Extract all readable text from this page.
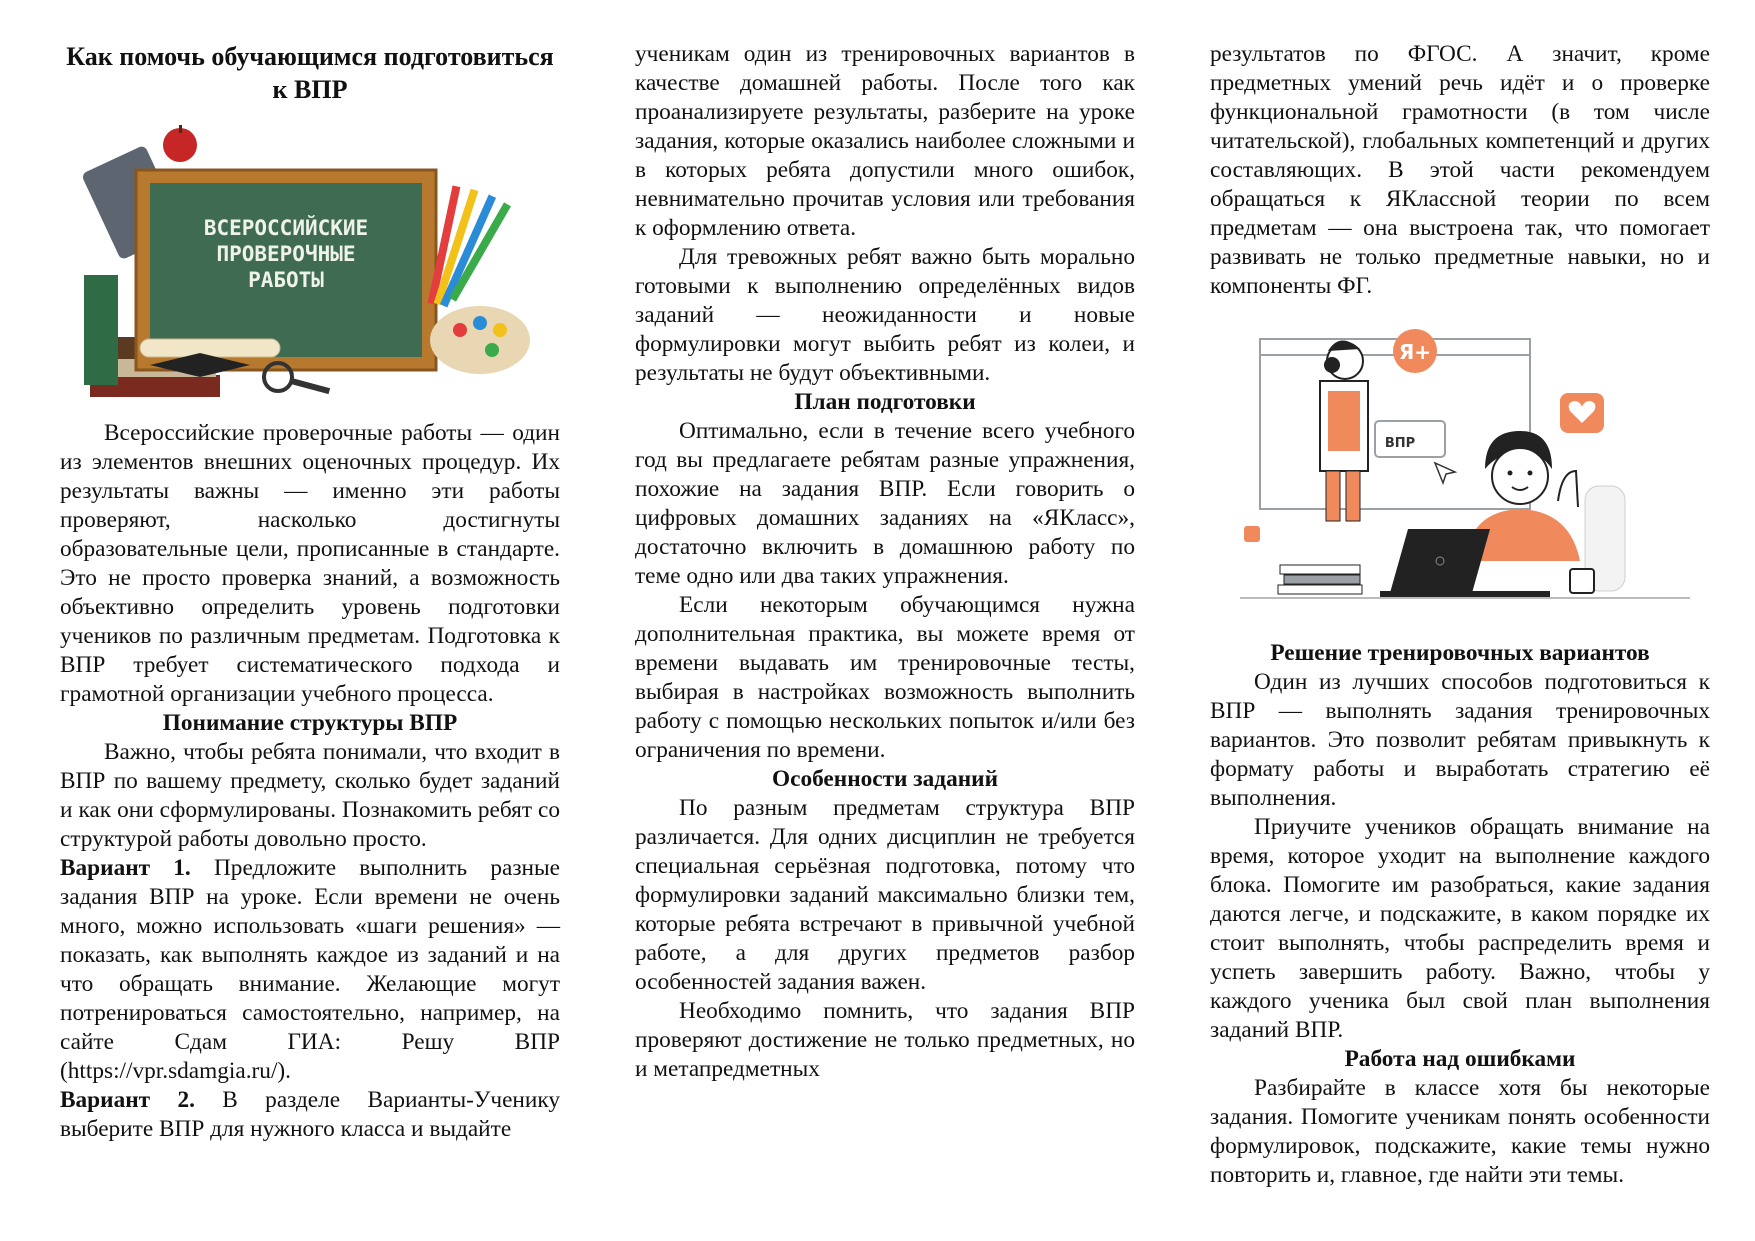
Как помочь обучающимся подготовиться к ВПР
ВСЕРОССИЙСКИЕ
ПРОВЕРОЧНЫЕ
РАБОТЫ

Всероссийские проверочные работы — один из элементов внешних оценочных процедур. Их результаты важны — именно эти работы проверяют, насколько достигнуты образовательные цели, прописанные в стандарте. Это не просто проверка знаний, а возможность объективно определить уровень подготовки учеников по различным предметам. Подготовка к ВПР требует систематического подхода и грамотной организации учебного процесса.

Понимание структуры ВПР

Важно, чтобы ребята понимали, что входит в ВПР по вашему предмету, сколько будет заданий и как они сформулированы. Познакомить ребят со структурой работы довольно просто.

Вариант 1. Предложите выполнить разные задания ВПР на уроке. Если времени не очень много, можно использовать «шаги решения» — показать, как выполнять каждое из заданий и на что обращать внимание. Желающие могут потренироваться самостоятельно, например, на сайте Сдам ГИА: Решу ВПР (https://vpr.sdamgia.ru/).

Вариант 2. В разделе Варианты-Ученику выберите ВПР для нужного класса и выдайте

ученикам один из тренировочных вариантов в качестве домашней работы. После того как проанализируете результаты, разберите на уроке задания, которые оказались наиболее сложными и в которых ребята допустили много ошибок, невнимательно прочитав условия или требования к оформлению ответа.

Для тревожных ребят важно быть морально готовыми к выполнению определённых видов заданий — неожиданности и новые формулировки могут выбить ребят из колеи, и результаты не будут объективными.

План подготовки

Оптимально, если в течение всего учебного год вы предлагаете ребятам разные упражнения, похожие на задания ВПР. Если говорить о цифровых домашних заданиях на «ЯКласс», достаточно включить в домашнюю работу по теме одно или два таких упражнения.

Если некоторым обучающимся нужна дополнительная практика, вы можете время от времени выдавать им тренировочные тесты, выбирая в настройках возможность выполнить работу с помощью нескольких попыток и/или без ограничения по времени.

Особенности заданий

По разным предметам структура ВПР различается. Для одних дисциплин не требуется специальная серьёзная подготовка, потому что формулировки заданий максимально близки тем, которые ребята встречают в привычной учебной работе, а для других предметов разбор особенностей задания важен.

Необходимо помнить, что задания ВПР проверяют достижение не только предметных, но и метапредметных

результатов по ФГОС. А значит, кроме предметных умений речь идёт и о проверке функциональной грамотности (в том числе читательской), глобальных компетенций и других составляющих. В этой части рекомендуем обращаться к ЯКлассной теории по всем предметам — она выстроена так, что помогает развивать не только предметные навыки, но и компоненты ФГ.

Я+
ВПР
Решение тренировочных вариантов

Один из лучших способов подготовиться к ВПР — выполнять задания тренировочных вариантов. Это позволит ребятам привыкнуть к формату работы и выработать стратегию её выполнения.

Приучите учеников обращать внимание на время, которое уходит на выполнение каждого блока. Помогите им разобраться, какие задания даются легче, и подскажите, в каком порядке их стоит выполнять, чтобы распределить время и успеть завершить работу. Важно, чтобы у каждого ученика был свой план выполнения заданий ВПР.

Работа над ошибками

Разбирайте в классе хотя бы некоторые задания. Помогите ученикам понять особенности формулировок, подскажите, какие темы нужно повторить и, главное, где найти эти темы.
